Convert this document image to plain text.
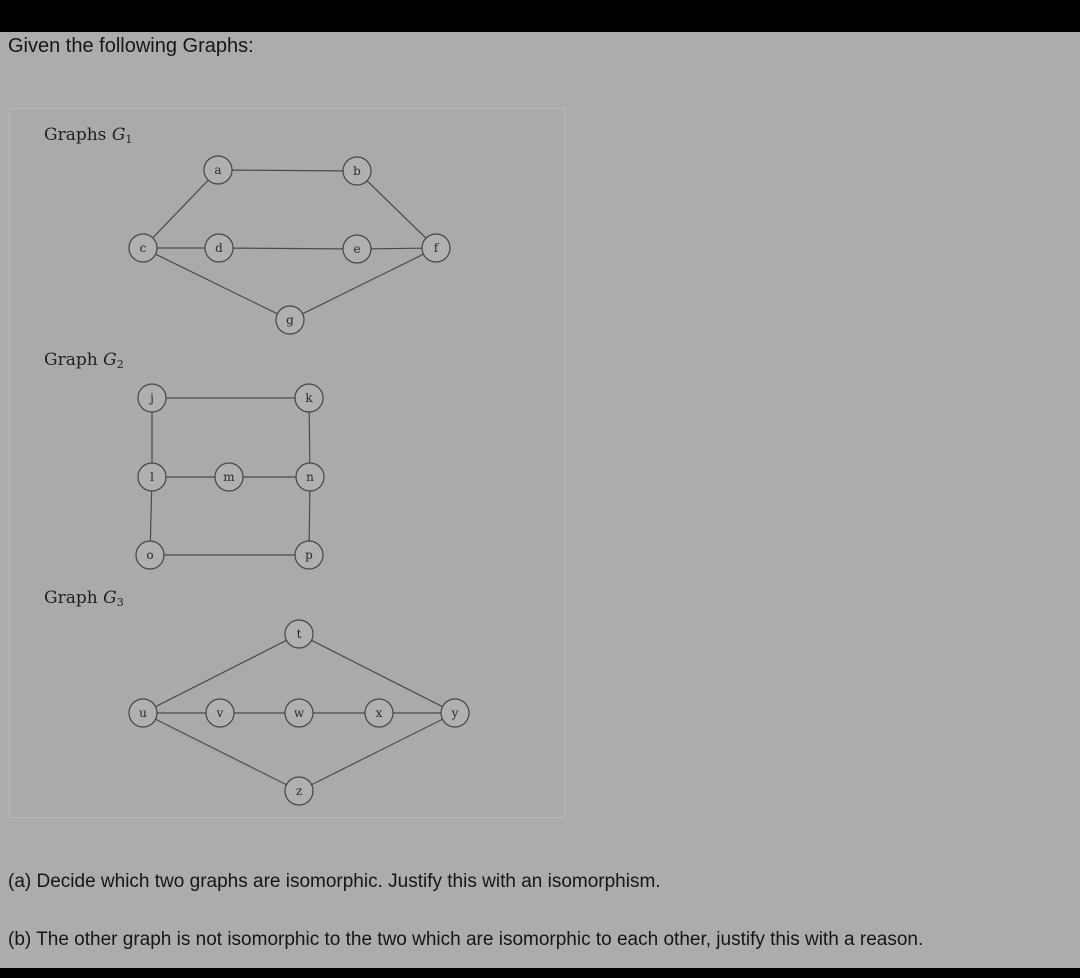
Given the following Graphs:
a	b
c	d	e	f
g
j	k
l	m	n
o	p
t
u	v	w	x	y
z
Graphs $G_1$
Graph $G_2$
Graph $G_3$
(a) Decide which two graphs are isomorphic. Justify this with an isomorphism.
(b) The other graph is not isomorphic to the two which are isomorphic to each other, justify this with a reason.
